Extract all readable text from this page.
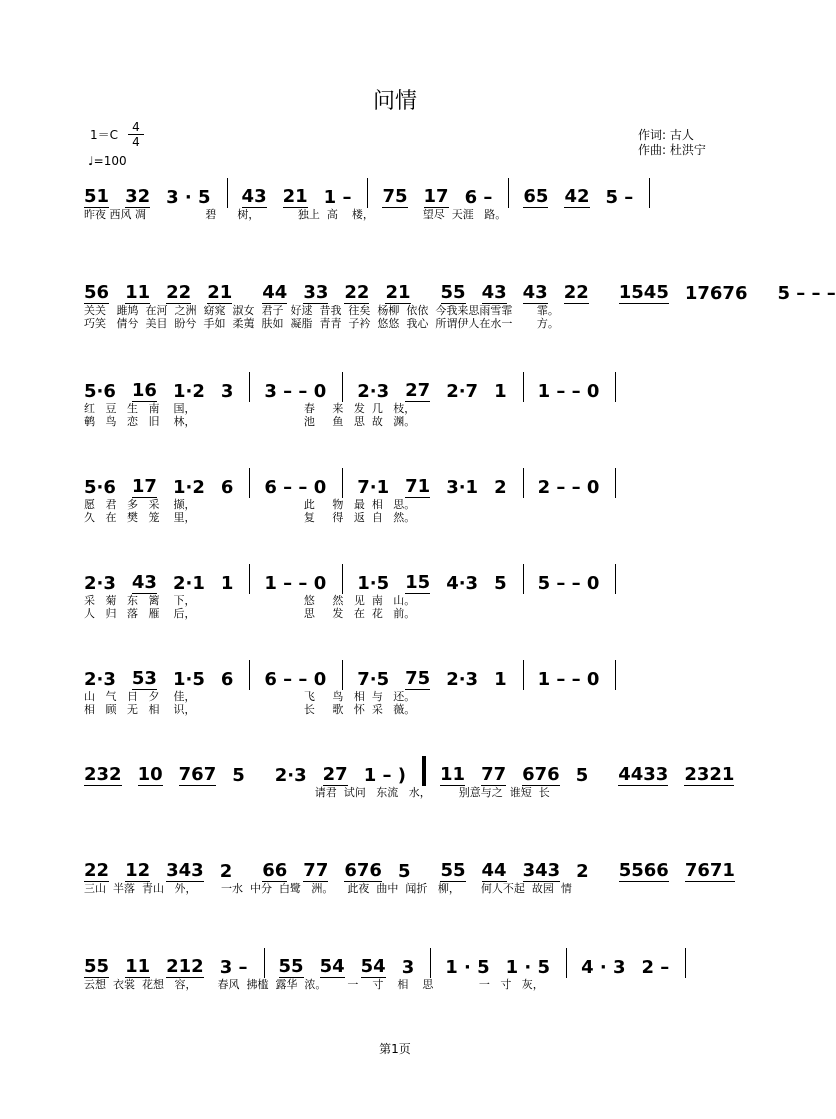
问情
$1=C \frac{4}{4}$
♩=100
作词: 古人
作曲: 杜洪宁
51 32 3 · 5 43 21 1 – 75 17 6 – 65 42 5 –
昨夜 西风 凋                 碧      树，           独上  高    楼，              望尽  天涯   路。
56 11 22 21 44 33 22 21 55 43 43 22 1545 17676 5 – – –
关关   雎鸠  在河  之洲  窈窕  淑女  君子  好逑  昔我  往矣  杨柳  依依  今我来思雨雪霏       霏。
巧笑   倩兮  美目  盼兮  手如  柔荑  肤如  凝脂  青青  子衿  悠悠  我心  所谓伊人在水一       方。
5·6 16 1·2 3 3 – – 0 2·3 27 2·7 1 1 – – 0
红   豆   生   南    国，                               春     来   发  几   枝，
鹌   鸟   恋   旧    林，                               池     鱼   思  故   渊。
5·6 17 1·2 6 6 – – 0 7·1 71 3·1 2 2 – – 0
愿   君   多   采    撷，                               此     物   最  相   思。
久   在   樊   笼    里，                               复     得   返  自   然。
2·3 43 2·1 1 1 – – 0 1·5 15 4·3 5 5 – – 0
采   菊   东   篱    下，                               悠     然   见  南   山。
人   归   落   雁    后，                               思     发   在  花   前。
2·3 53 1·5 6 6 – – 0 7·5 75 2·3 1 1 – – 0
山   气   日   夕    佳，                               飞     鸟   相  与   还。
相   顾   无   相    识，                               长     歌   怀  采   薇。
232 10 767 5 2·3 27 1 – ) 11 77 676 5 4433 2321
请君  试问   东流   水，        别意与之  谁短  长
22 12 343 2 66 77 676 5 55 44 343 2 5566 7671
三山  半落  青山   外，       一水  中分  白鹭   洲。    此夜  曲中  闻折   柳，      何人不起  故园  情
55 11 212 3 – 55 54 54 3 1 · 5 1 · 5 4 · 3 2 –
云想  衣裳  花想   容，      春风  拂槛  露华  浓。      一    寸    相    思             一   寸   灰，
第1页
